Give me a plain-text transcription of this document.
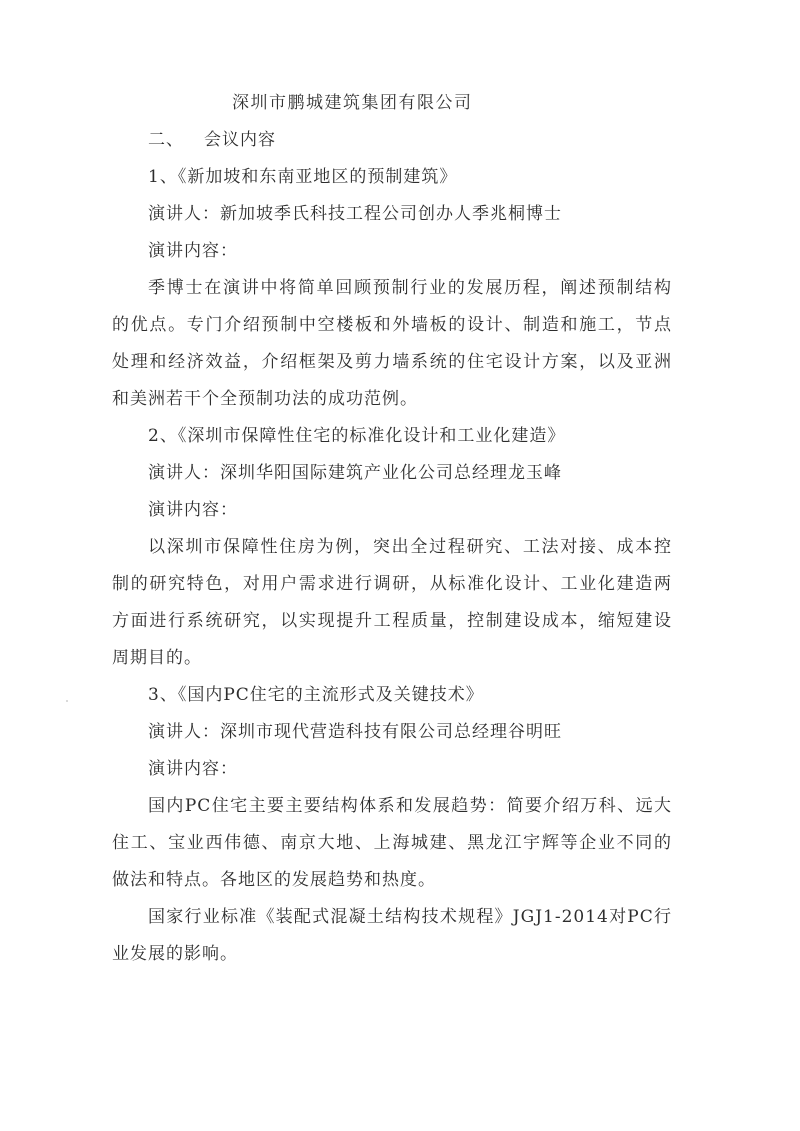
深圳市鹏城建筑集团有限公司
二、 会议内容
1、《新加坡和东南亚地区的预制建筑》
演讲人：新加坡季氏科技工程公司创办人季兆桐博士
演讲内容：
季博士在演讲中将简单回顾预制行业的发展历程，阐述预制结构
的优点。专门介绍预制中空楼板和外墙板的设计、制造和施工，节点
处理和经济效益，介绍框架及剪力墙系统的住宅设计方案，以及亚洲
和美洲若干个全预制功法的成功范例。
2、《深圳市保障性住宅的标准化设计和工业化建造》
演讲人：深圳华阳国际建筑产业化公司总经理龙玉峰
演讲内容：
以深圳市保障性住房为例，突出全过程研究、工法对接、成本控
制的研究特色，对用户需求进行调研，从标准化设计、工业化建造两
方面进行系统研究，以实现提升工程质量，控制建设成本，缩短建设
周期目的。
3、《国内PC住宅的主流形式及关键技术》
演讲人：深圳市现代营造科技有限公司总经理谷明旺
演讲内容：
国内PC住宅主要主要结构体系和发展趋势：简要介绍万科、远大
住工、宝业西伟德、南京大地、上海城建、黑龙江宇辉等企业不同的
做法和特点。各地区的发展趋势和热度。
国家行业标准《装配式混凝土结构技术规程》JGJ1-2014对PC行
业发展的影响。
